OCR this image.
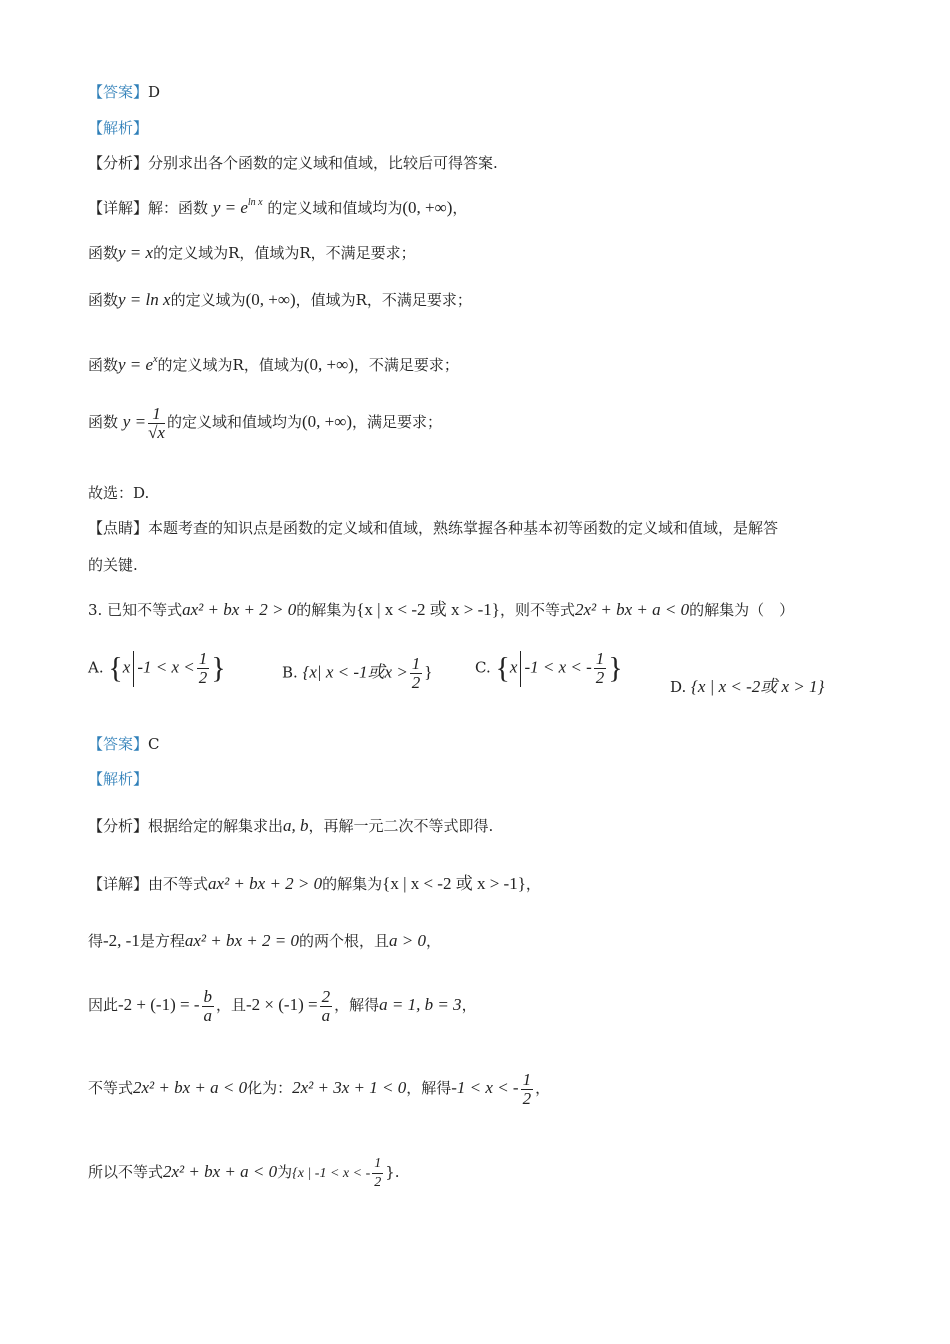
【答案】D
【解析】
【分析】分别求出各个函数的定义域和值域，比较后可得答案.
【详解】解：函数 $y = e^{ln x}$ 的定义域和值域均为(0, +∞)，
函数y = x的定义域为R，值域为R，不满足要求；
函数y = ln x的定义域为(0, +∞)，值域为R，不满足要求；
函数$y = e^x$的定义域为R，值域为(0, +∞)，不满足要求；
函数 $y = \frac{1}{√x}$ 的定义域和值域均为(0, +∞)，满足要求；
故选：D.
【点睛】本题考查的知识点是函数的定义域和值域，熟练掌握各种基本初等函数的定义域和值域，是解答
的关键.
3. 已知不等式ax² + bx + 2 > 0的解集为{x | x < -2 或 x > -1}，则不等式2x² + bx + a < 0的解集为（　）
A. {x $-1 < x < \frac{1}{2}$ }	B. {x| x < -1或$x > \frac{1}{2}$ }	C. {x -1 < x < - $\frac{1}{2}$ }
D. {x | x < -2或 x > 1}
【答案】C
【解析】
【分析】根据给定的解集求出a, b，再解一元二次不等式即得.
【详解】由不等式ax² + bx + 2 > 0的解集为{x | x < -2 或 x > -1}，
得-2, -1是方程ax² + bx + 2 = 0的两个根，且a > 0，
因此-2 + (-1) = - $\frac{b}{a}$ ，且$-2 \times (-1) = \frac{2}{a}$ ，解得a = 1, b = 3，
不等式2x² + bx + a < 0化为：2x² + 3x + 1 < 0，解得-1 < x < - $\frac{1}{2}$ ，
所以不等式2x² + bx + a < 0为{x | -1 < x < - $\frac{1}{2}$ }.
